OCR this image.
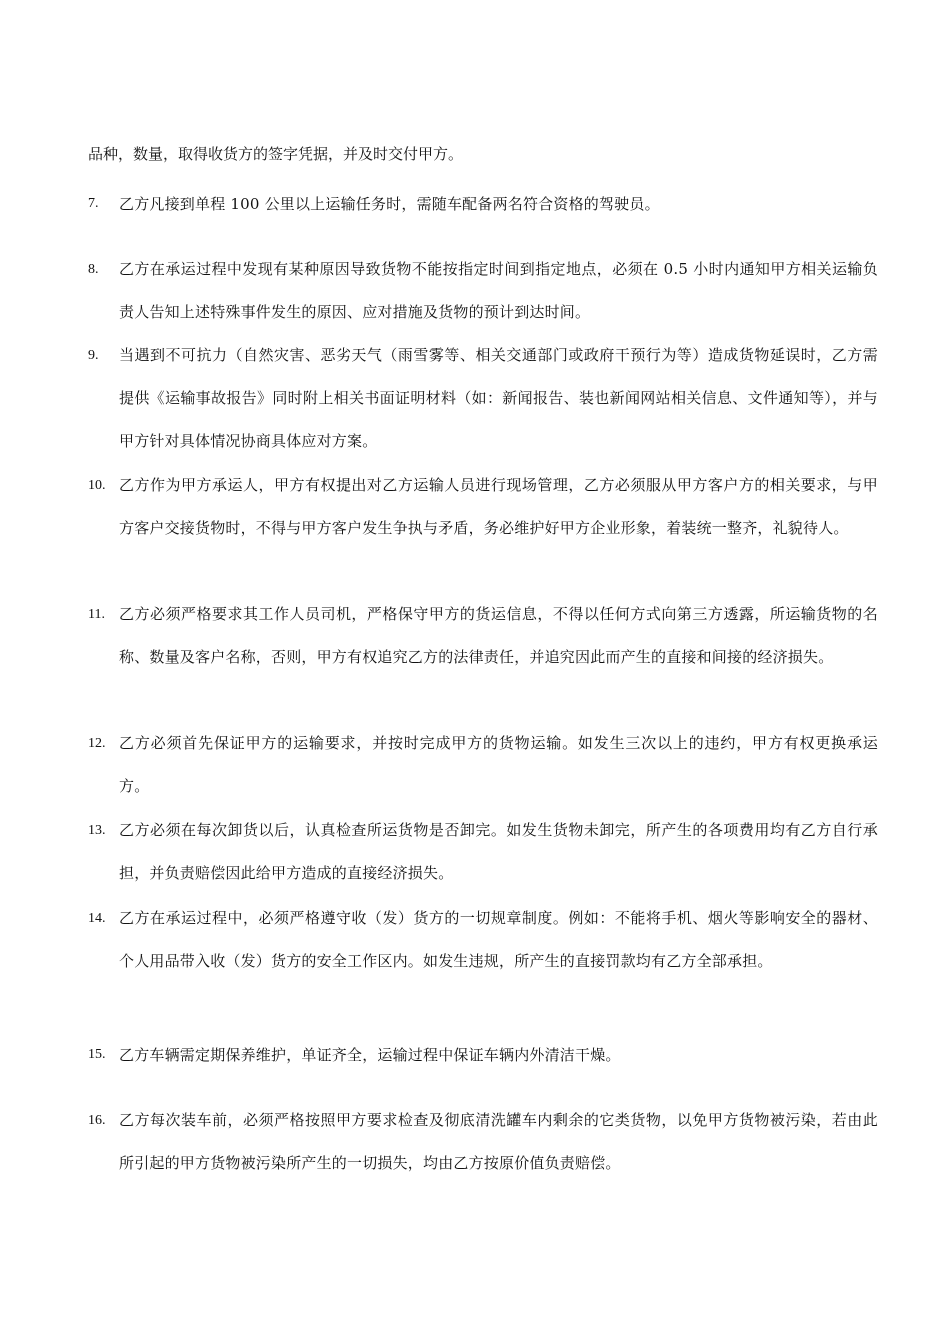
品种，数量，取得收货方的签字凭据，并及时交付甲方。
7.	乙方凡接到单程 100 公里以上运输任务时，需随车配备两名符合资格的驾驶员。
8.	乙方在承运过程中发现有某种原因导致货物不能按指定时间到指定地点，必须在 0.5 小时内通知甲方相关运输负责人告知上述特殊事件发生的原因、应对措施及货物的预计到达时间。
9.	当遇到不可抗力（自然灾害、恶劣天气（雨雪雾等、相关交通部门或政府干预行为等）造成货物延误时，乙方需提供《运输事故报告》同时附上相关书面证明材料（如：新闻报告、装也新闻网站相关信息、文件通知等），并与甲方针对具体情况协商具体应对方案。
10. 乙方作为甲方承运人，甲方有权提出对乙方运输人员进行现场管理，乙方必须服从甲方客户方的相关要求，与甲方客户交接货物时，不得与甲方客户发生争执与矛盾，务必维护好甲方企业形象，着装统一整齐，礼貌待人。
11. 乙方必须严格要求其工作人员司机，严格保守甲方的货运信息，不得以任何方式向第三方透露，所运输货物的名称、数量及客户名称，否则，甲方有权追究乙方的法律责任，并追究因此而产生的直接和间接的经济损失。
12. 乙方必须首先保证甲方的运输要求，并按时完成甲方的货物运输。如发生三次以上的违约，甲方有权更换承运方。
13. 乙方必须在每次卸货以后，认真检查所运货物是否卸完。如发生货物未卸完，所产生的各项费用均有乙方自行承担，并负责赔偿因此给甲方造成的直接经济损失。
14. 乙方在承运过程中，必须严格遵守收（发）货方的一切规章制度。例如：不能将手机、烟火等影响安全的器材、个人用品带入收（发）货方的安全工作区内。如发生违规，所产生的直接罚款均有乙方全部承担。
15. 乙方车辆需定期保养维护，单证齐全，运输过程中保证车辆内外清洁干燥。
16. 乙方每次装车前，必须严格按照甲方要求检查及彻底清洗罐车内剩余的它类货物，以免甲方货物被污染，若由此所引起的甲方货物被污染所产生的一切损失，均由乙方按原价值负责赔偿。
